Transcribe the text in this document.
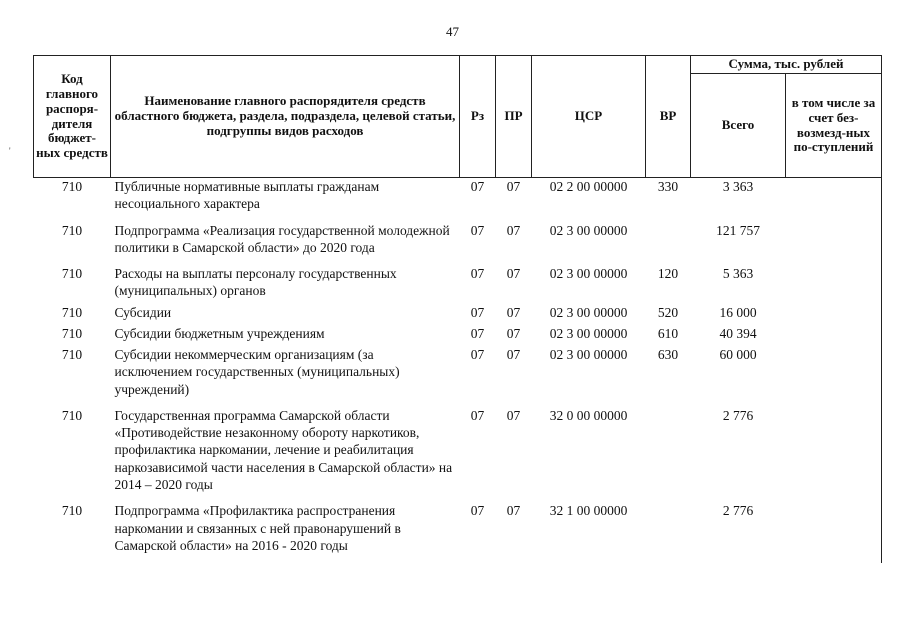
47
'
Код главного распоря-дителя бюджет-ных средств	Наименование главного распорядителя средств областного бюджета, раздела, подраздела, целевой статьи, подгруппы видов расходов	Рз	ПР	ЦСР	ВР	Сумма, тыс. рублей	
						Всего	в том числе за счет без-возмезд-ных по-ступлений
710	Публичные нормативные выплаты гражданам несоциального характера	07	07	02 2 00 00000	330	3 363	
710	Подпрограмма «Реализация государственной молодежной политики в Самарской области» до 2020 года	07	07	02 3 00 00000		121 757	
710	Расходы на выплаты персоналу государственных (муниципальных) органов	07	07	02 3 00 00000	120	5 363	
710	Субсидии	07	07	02 3 00 00000	520	16 000	
710	Субсидии бюджетным учреждениям	07	07	02 3 00 00000	610	40 394	
710	Субсидии некоммерческим организациям (за исключением государственных (муниципальных) учреждений)	07	07	02 3 00 00000	630	60 000	
710	Государственная программа Самарской области «Противодействие незаконному обороту наркотиков, профилактика наркомании, лечение и реабилитация наркозависимой части населения в Самарской области» на 2014 – 2020 годы	07	07	32 0 00 00000		2 776	
710	Подпрограмма «Профилактика распространения наркомании и связанных с ней правонарушений в Самарской области» на 2016 - 2020 годы	07	07	32 1 00 00000		2 776	
